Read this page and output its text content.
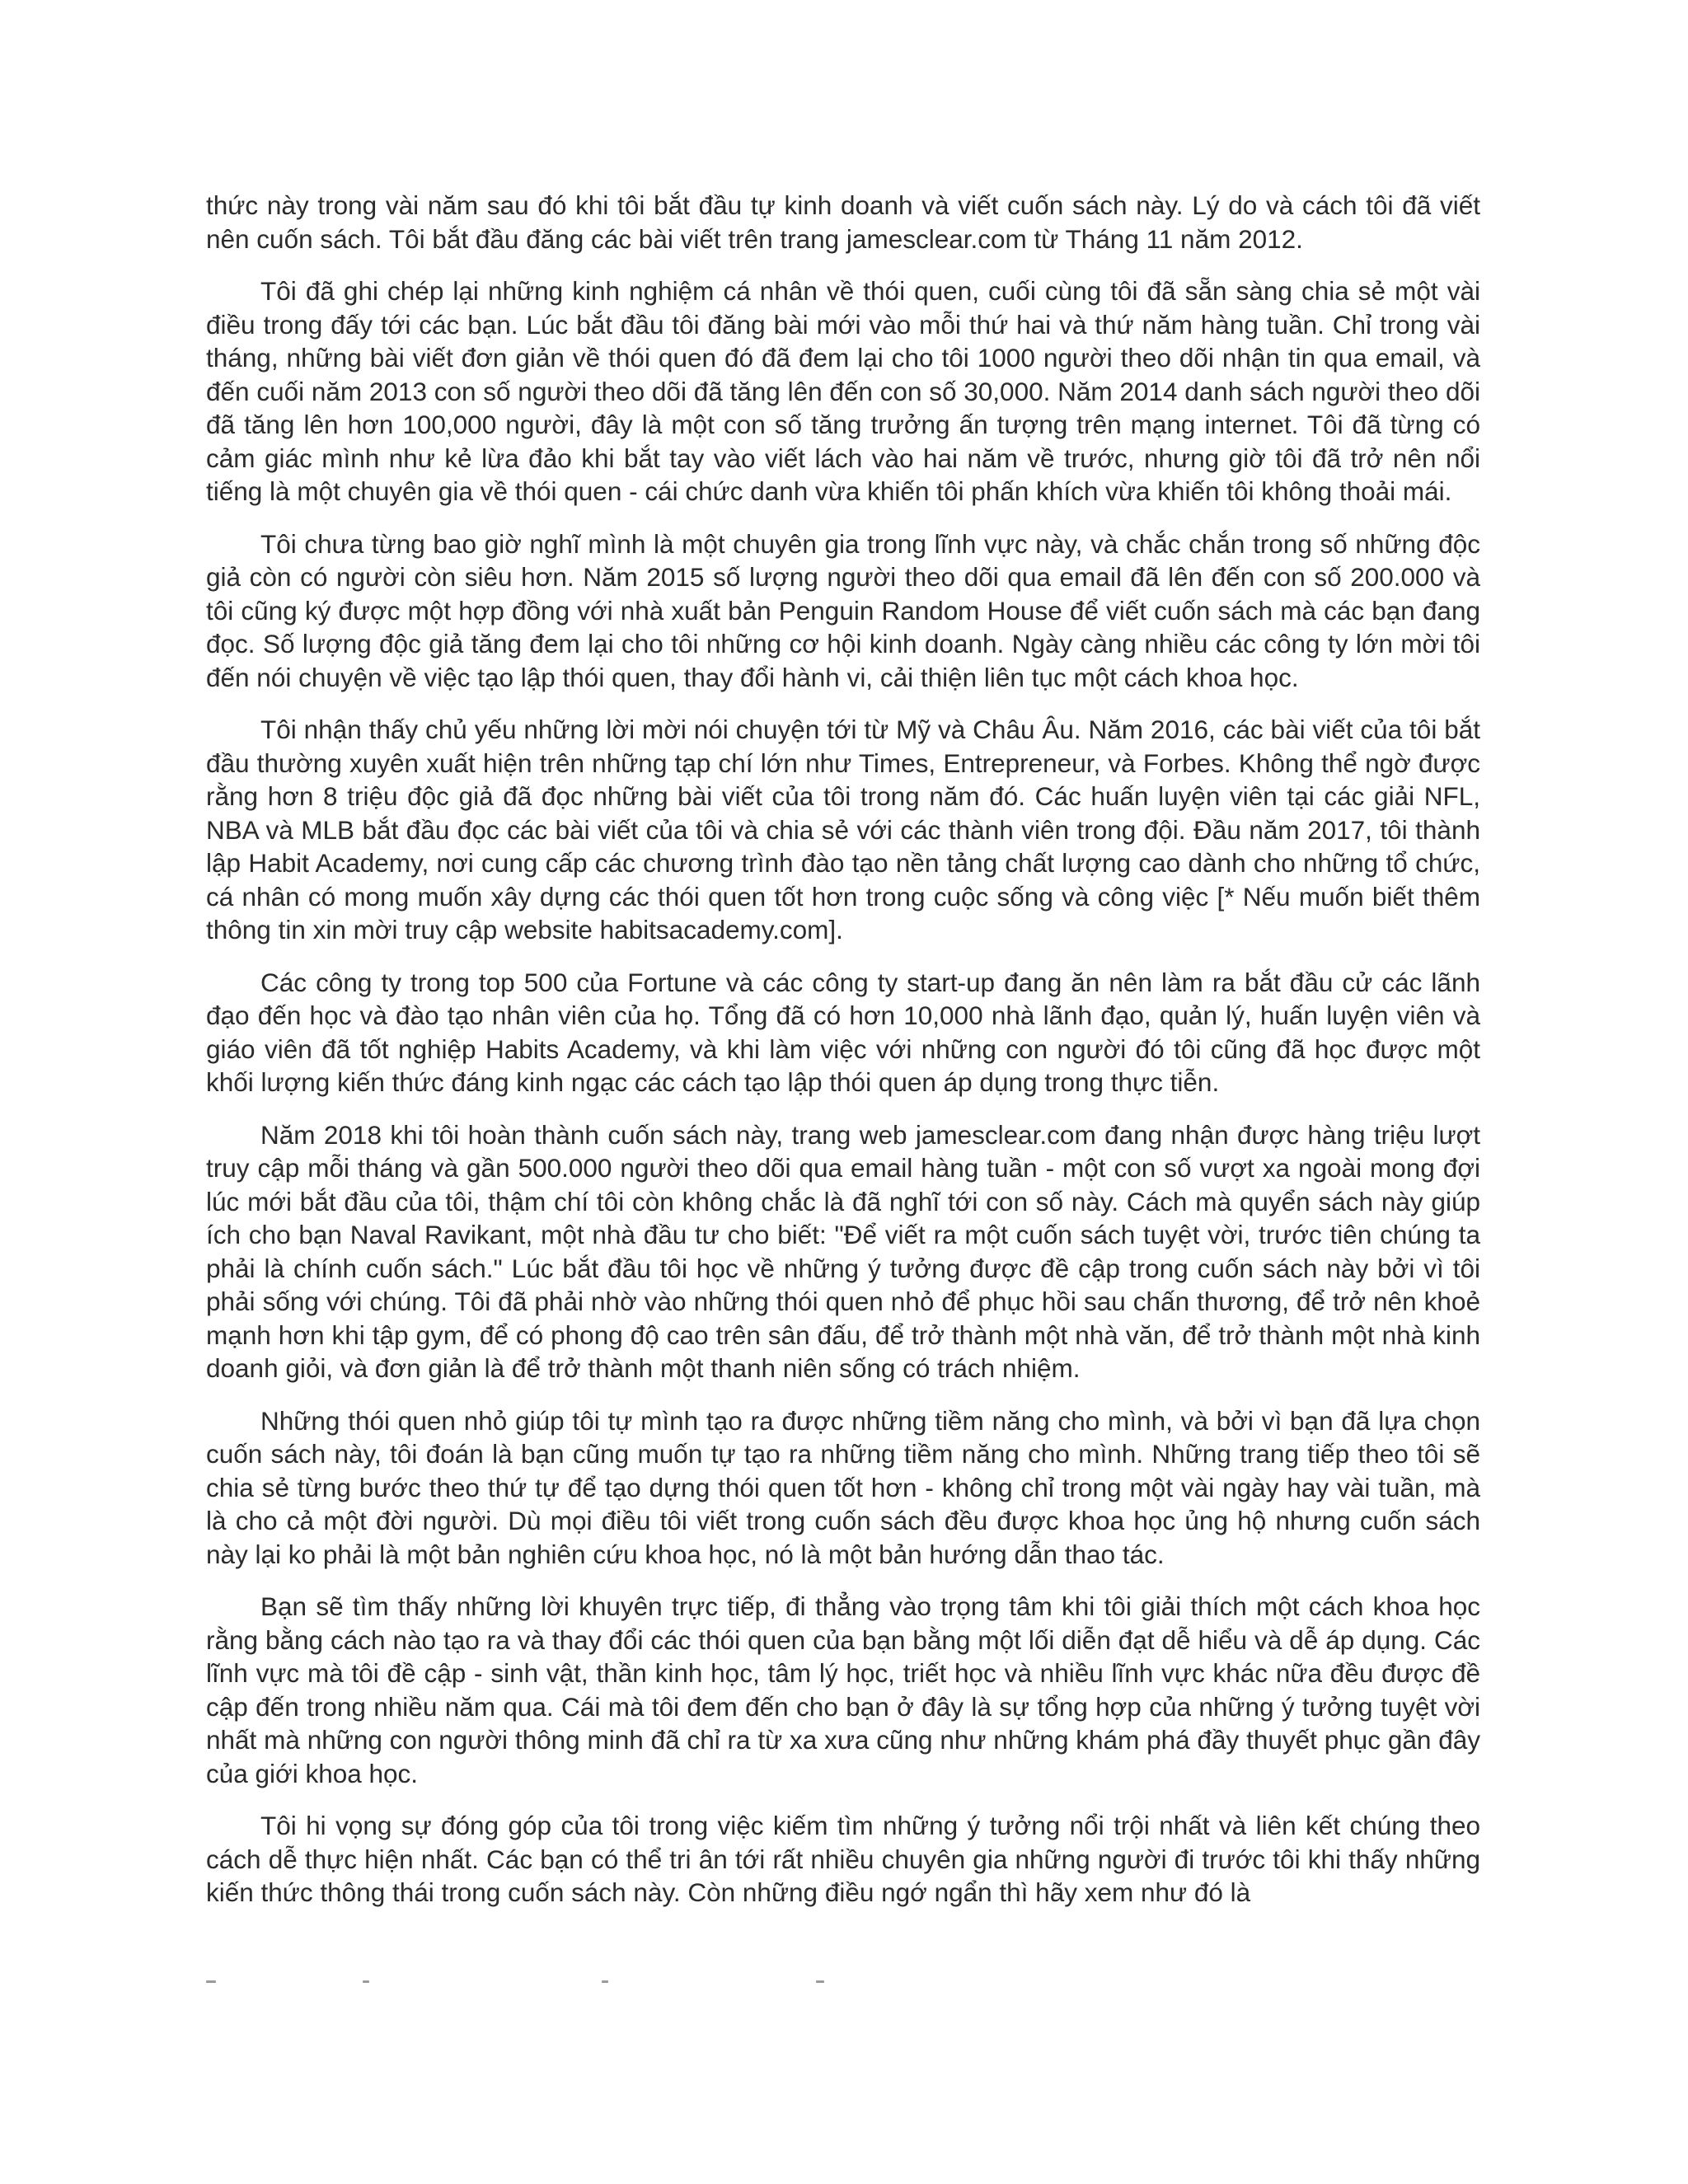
thức này trong vài năm sau đó khi tôi bắt đầu tự kinh doanh và viết cuốn sách này. Lý do và cách tôi đã viết nên cuốn sách. Tôi bắt đầu đăng các bài viết trên trang jamesclear.com từ Tháng 11 năm 2012.

Tôi đã ghi chép lại những kinh nghiệm cá nhân về thói quen, cuối cùng tôi đã sẵn sàng chia sẻ một vài điều trong đấy tới các bạn. Lúc bắt đầu tôi đăng bài mới vào mỗi thứ hai và thứ năm hàng tuần. Chỉ trong vài tháng, những bài viết đơn giản về thói quen đó đã đem lại cho tôi 1000 người theo dõi nhận tin qua email, và đến cuối năm 2013 con số người theo dõi đã tăng lên đến con số 30,000. Năm 2014 danh sách người theo dõi đã tăng lên hơn 100,000 người, đây là một con số tăng trưởng ấn tượng trên mạng internet. Tôi đã từng có cảm giác mình như kẻ lừa đảo khi bắt tay vào viết lách vào hai năm về trước, nhưng giờ tôi đã trở nên nổi tiếng là một chuyên gia về thói quen - cái chức danh vừa khiến tôi phấn khích vừa khiến tôi không thoải mái.

Tôi chưa từng bao giờ nghĩ mình là một chuyên gia trong lĩnh vực này, và chắc chắn trong số những độc giả còn có người còn siêu hơn. Năm 2015 số lượng người theo dõi qua email đã lên đến con số 200.000 và tôi cũng ký được một hợp đồng với nhà xuất bản Penguin Random House để viết cuốn sách mà các bạn đang đọc. Số lượng độc giả tăng đem lại cho tôi những cơ hội kinh doanh. Ngày càng nhiều các công ty lớn mời tôi đến nói chuyện về việc tạo lập thói quen, thay đổi hành vi, cải thiện liên tục một cách khoa học.

Tôi nhận thấy chủ yếu những lời mời nói chuyện tới từ Mỹ và Châu Âu. Năm 2016, các bài viết của tôi bắt đầu thường xuyên xuất hiện trên những tạp chí lớn như Times, Entrepreneur, và Forbes. Không thể ngờ được rằng hơn 8 triệu độc giả đã đọc những bài viết của tôi trong năm đó. Các huấn luyện viên tại các giải NFL, NBA và MLB bắt đầu đọc các bài viết của tôi và chia sẻ với các thành viên trong đội. Đầu năm 2017, tôi thành lập Habit Academy, nơi cung cấp các chương trình đào tạo nền tảng chất lượng cao dành cho những tổ chức, cá nhân có mong muốn xây dựng các thói quen tốt hơn trong cuộc sống và công việc [* Nếu muốn biết thêm thông tin xin mời truy cập website habitsacademy.com].

Các công ty trong top 500 của Fortune và các công ty start-up đang ăn nên làm ra bắt đầu cử các lãnh đạo đến học và đào tạo nhân viên của họ. Tổng đã có hơn 10,000 nhà lãnh đạo, quản lý, huấn luyện viên và giáo viên đã tốt nghiệp Habits Academy, và khi làm việc với những con người đó tôi cũng đã học được một khối lượng kiến thức đáng kinh ngạc các cách tạo lập thói quen áp dụng trong thực tiễn.

Năm 2018 khi tôi hoàn thành cuốn sách này, trang web jamesclear.com đang nhận được hàng triệu lượt truy cập mỗi tháng và gần 500.000 người theo dõi qua email hàng tuần - một con số vượt xa ngoài mong đợi lúc mới bắt đầu của tôi, thậm chí tôi còn không chắc là đã nghĩ tới con số này. Cách mà quyển sách này giúp ích cho bạn Naval Ravikant, một nhà đầu tư cho biết: "Để viết ra một cuốn sách tuyệt vời, trước tiên chúng ta phải là chính cuốn sách." Lúc bắt đầu tôi học về những ý tưởng được đề cập trong cuốn sách này bởi vì tôi phải sống với chúng. Tôi đã phải nhờ vào những thói quen nhỏ để phục hồi sau chấn thương, để trở nên khoẻ mạnh hơn khi tập gym, để có phong độ cao trên sân đấu, để trở thành một nhà văn, để trở thành một nhà kinh doanh giỏi, và đơn giản là để trở thành một thanh niên sống có trách nhiệm.

Những thói quen nhỏ giúp tôi tự mình tạo ra được những tiềm năng cho mình, và bởi vì bạn đã lựa chọn cuốn sách này, tôi đoán là bạn cũng muốn tự tạo ra những tiềm năng cho mình. Những trang tiếp theo tôi sẽ chia sẻ từng bước theo thứ tự để tạo dựng thói quen tốt hơn - không chỉ trong một vài ngày hay vài tuần, mà là cho cả một đời người. Dù mọi điều tôi viết trong cuốn sách đều được khoa học ủng hộ nhưng cuốn sách này lại ko phải là một bản nghiên cứu khoa học, nó là một bản hướng dẫn thao tác.

Bạn sẽ tìm thấy những lời khuyên trực tiếp, đi thẳng vào trọng tâm khi tôi giải thích một cách khoa học rằng bằng cách nào tạo ra và thay đổi các thói quen của bạn bằng một lối diễn đạt dễ hiểu và dễ áp dụng. Các lĩnh vực mà tôi đề cập - sinh vật, thần kinh học, tâm lý học, triết học và nhiều lĩnh vực khác nữa đều được đề cập đến trong nhiều năm qua. Cái mà tôi đem đến cho bạn ở đây là sự tổng hợp của những ý tưởng tuyệt vời nhất mà những con người thông minh đã chỉ ra từ xa xưa cũng như những khám phá đầy thuyết phục gần đây của giới khoa học.

Tôi hi vọng sự đóng góp của tôi trong việc kiếm tìm những ý tưởng nổi trội nhất và liên kết chúng theo cách dễ thực hiện nhất. Các bạn có thể tri ân tới rất nhiều chuyên gia những người đi trước tôi khi thấy những kiến thức thông thái trong cuốn sách này. Còn những điều ngớ ngẩn thì hãy xem như đó là
